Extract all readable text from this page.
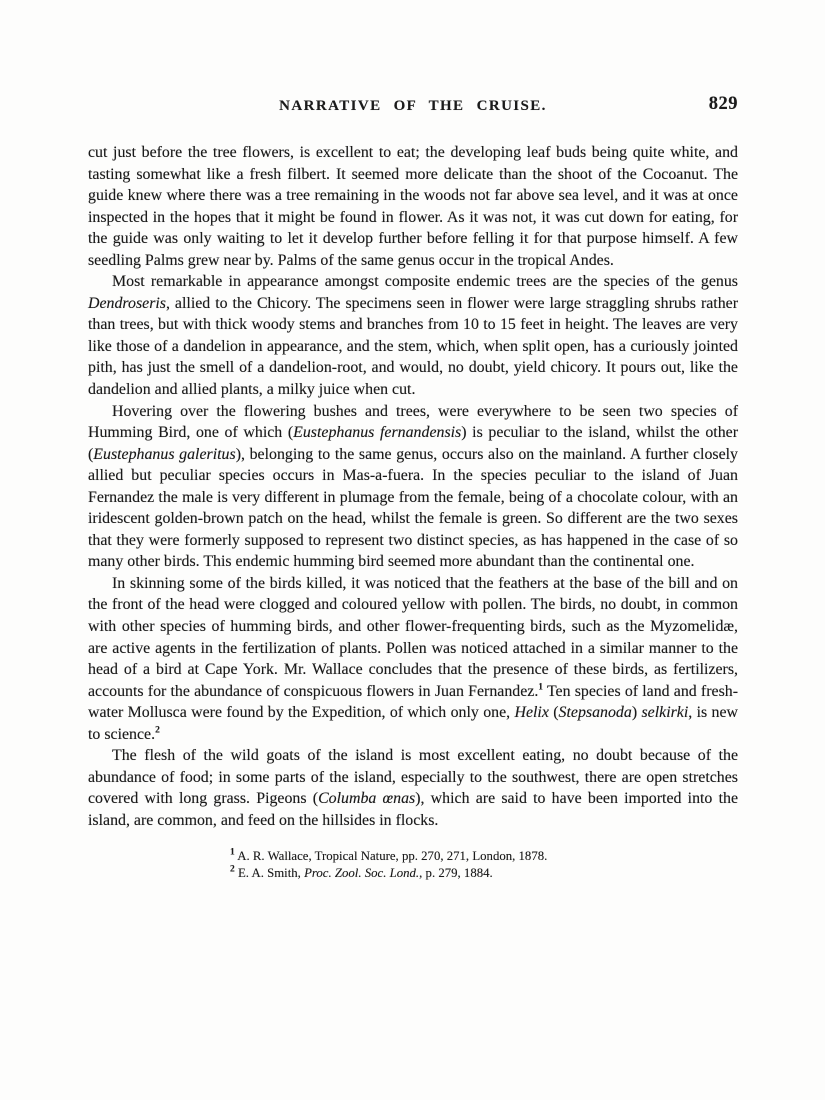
NARRATIVE OF THE CRUISE.	829

cut just before the tree flowers, is excellent to eat; the developing leaf buds being quite white, and tasting somewhat like a fresh filbert. It seemed more delicate than the shoot of the Cocoanut. The guide knew where there was a tree remaining in the woods not far above sea level, and it was at once inspected in the hopes that it might be found in flower. As it was not, it was cut down for eating, for the guide was only waiting to let it develop further before felling it for that purpose himself. A few seedling Palms grew near by. Palms of the same genus occur in the tropical Andes.

Most remarkable in appearance amongst composite endemic trees are the species of the genus Dendroseris, allied to the Chicory. The specimens seen in flower were large straggling shrubs rather than trees, but with thick woody stems and branches from 10 to 15 feet in height. The leaves are very like those of a dandelion in appearance, and the stem, which, when split open, has a curiously jointed pith, has just the smell of a dandelion-root, and would, no doubt, yield chicory. It pours out, like the dandelion and allied plants, a milky juice when cut.

Hovering over the flowering bushes and trees, were everywhere to be seen two species of Humming Bird, one of which (Eustephanus fernandensis) is peculiar to the island, whilst the other (Eustephanus galeritus), belonging to the same genus, occurs also on the mainland. A further closely allied but peculiar species occurs in Mas-a-fuera. In the species peculiar to the island of Juan Fernandez the male is very different in plumage from the female, being of a chocolate colour, with an iridescent golden-brown patch on the head, whilst the female is green. So different are the two sexes that they were formerly supposed to represent two distinct species, as has happened in the case of so many other birds. This endemic humming bird seemed more abundant than the continental one.

In skinning some of the birds killed, it was noticed that the feathers at the base of the bill and on the front of the head were clogged and coloured yellow with pollen. The birds, no doubt, in common with other species of humming birds, and other flower-frequenting birds, such as the Myzomelidæ, are active agents in the fertilization of plants. Pollen was noticed attached in a similar manner to the head of a bird at Cape York. Mr. Wallace concludes that the presence of these birds, as fertilizers, accounts for the abundance of conspicuous flowers in Juan Fernandez.$^1$ Ten species of land and fresh-water Mollusca were found by the Expedition, of which only one, Helix (Stepsanoda) selkirki, is new to science.$^2$

The flesh of the wild goats of the island is most excellent eating, no doubt because of the abundance of food; in some parts of the island, especially to the southwest, there are open stretches covered with long grass. Pigeons (Columba œnas), which are said to have been imported into the island, are common, and feed on the hillsides in flocks.

$^1$ A. R. Wallace, Tropical Nature, pp. 270, 271, London, 1878.

$^2$ E. A. Smith, Proc. Zool. Soc. Lond., p. 279, 1884.
